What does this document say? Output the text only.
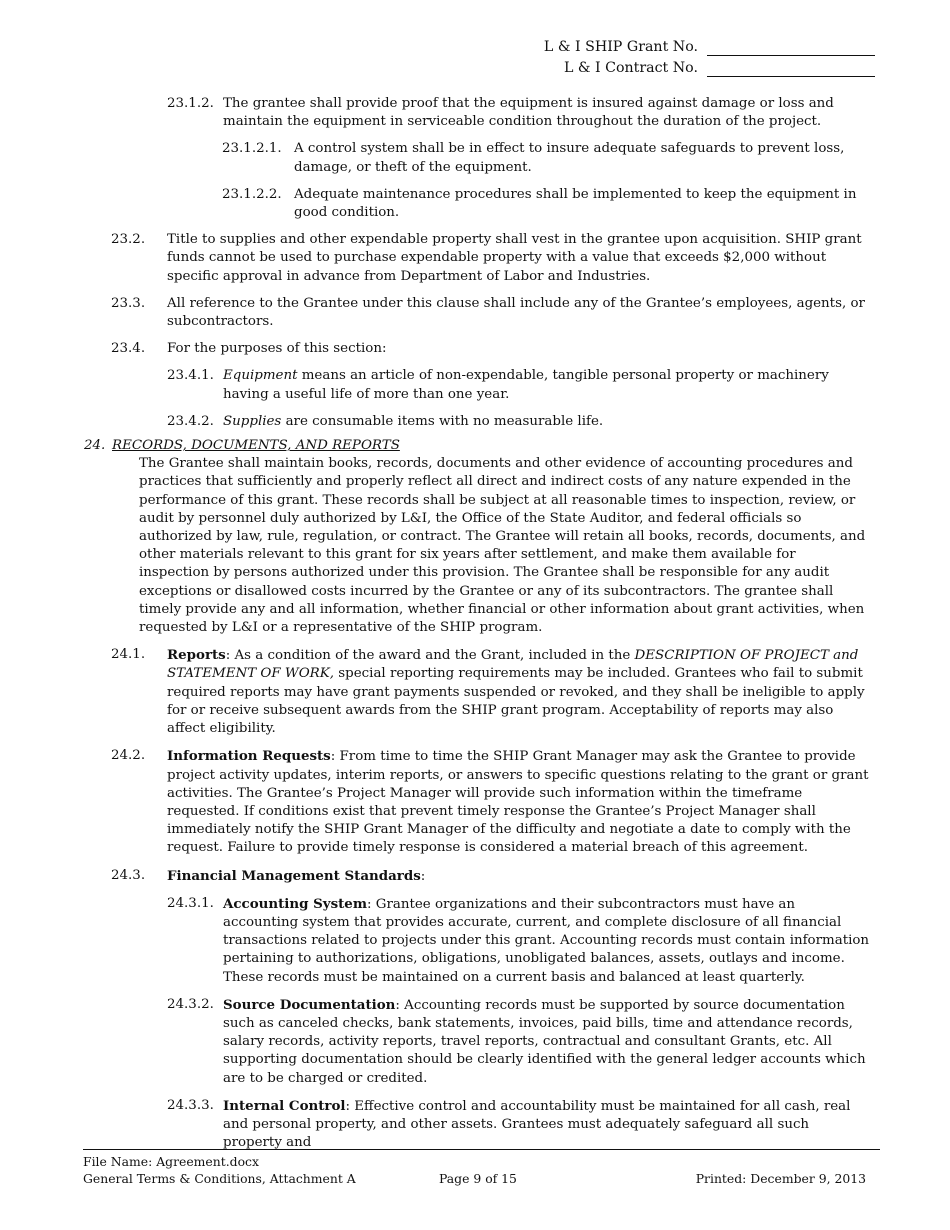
L & I SHIP Grant No.
L & I Contract No.
23.1.2. The grantee shall provide proof that the equipment is insured against damage or loss and maintain the equipment in serviceable condition throughout the duration of the project.
23.1.2.1. A control system shall be in effect to insure adequate safeguards to prevent loss, damage, or theft of the equipment.
23.1.2.2. Adequate maintenance procedures shall be implemented to keep the equipment in good condition.
23.2.	Title to supplies and other expendable property shall vest in the grantee upon acquisition. SHIP grant funds cannot be used to purchase expendable property with a value that exceeds $2,000 without specific approval in advance from Department of Labor and Industries.
23.3.	All reference to the Grantee under this clause shall include any of the Grantee’s employees, agents, or subcontractors.
23.4.	For the purposes of this section:
23.4.1. Equipment means an article of non-expendable, tangible personal property or machinery having a useful life of more than one year.
23.4.2. Supplies are consumable items with no measurable life.
24. RECORDS, DOCUMENTS, AND REPORTS
The Grantee shall maintain books, records, documents and other evidence of accounting procedures and practices that sufficiently and properly reflect all direct and indirect costs of any nature expended in the performance of this grant. These records shall be subject at all reasonable times to inspection, review, or audit by personnel duly authorized by L&I, the Office of the State Auditor, and federal officials so authorized by law, rule, regulation, or contract. The Grantee will retain all books, records, documents, and other materials relevant to this grant for six years after settlement, and make them available for inspection by persons authorized under this provision. The Grantee shall be responsible for any audit exceptions or disallowed costs incurred by the Grantee or any of its subcontractors. The grantee shall timely provide any and all information, whether financial or other information about grant activities, when requested by L&I or a representative of the SHIP program.
24.1.	Reports: As a condition of the award and the Grant, included in the DESCRIPTION OF PROJECT and STATEMENT OF WORK, special reporting requirements may be included. Grantees who fail to submit required reports may have grant payments suspended or revoked, and they shall be ineligible to apply for or receive subsequent awards from the SHIP grant program. Acceptability of reports may also affect eligibility.
24.2.	Information Requests: From time to time the SHIP Grant Manager may ask the Grantee to provide project activity updates, interim reports, or answers to specific questions relating to the grant or grant activities. The Grantee’s Project Manager will provide such information within the timeframe requested. If conditions exist that prevent timely response the Grantee’s Project Manager shall immediately notify the SHIP Grant Manager of the difficulty and negotiate a date to comply with the request. Failure to provide timely response is considered a material breach of this agreement.
24.3.	Financial Management Standards:
24.3.1. Accounting System: Grantee organizations and their subcontractors must have an accounting system that provides accurate, current, and complete disclosure of all financial transactions related to projects under this grant. Accounting records must contain information pertaining to authorizations, obligations, unobligated balances, assets, outlays and income. These records must be maintained on a current basis and balanced at least quarterly.
24.3.2. Source Documentation: Accounting records must be supported by source documentation such as canceled checks, bank statements, invoices, paid bills, time and attendance records, salary records, activity reports, travel reports, contractual and consultant Grants, etc. All supporting documentation should be clearly identified with the general ledger accounts which are to be charged or credited.
24.3.3. Internal Control: Effective control and accountability must be maintained for all cash, real and personal property, and other assets. Grantees must adequately safeguard all such property and
File Name: Agreement.docx
General Terms & Conditions, Attachment A	Page 9 of 15	Printed: December 9, 2013
